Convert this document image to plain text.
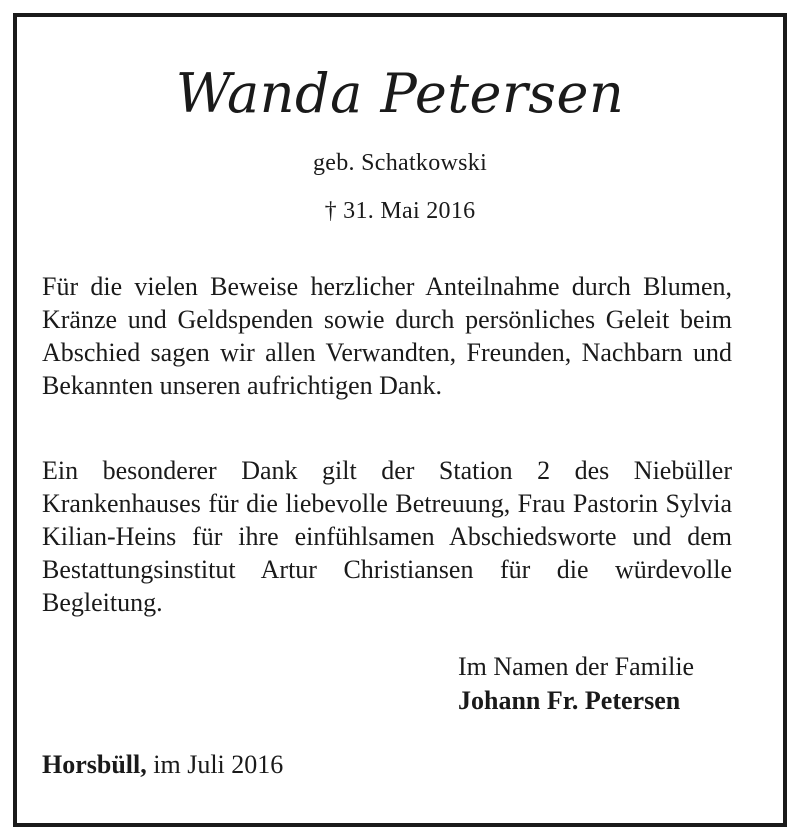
Wanda Petersen
geb. Schatkowski
† 31. Mai 2016

Für die vielen Beweise herzlicher Anteilnahme durch Blumen, Kränze und Geldspenden sowie durch persönliches Geleit beim Abschied sagen wir allen Verwandten, Freunden, Nachbarn und Bekannten unseren aufrichtigen Dank.

Ein besonderer Dank gilt der Station 2 des Niebüller Krankenhauses für die liebevolle Betreuung, Frau Pastorin Sylvia Kilian-Heins für ihre einfühlsamen Abschiedsworte und dem Bestattungsinstitut Artur Christiansen für die würdevolle Begleitung.

Im Namen der Familie
Johann Fr. Petersen
Horsbüll, im Juli 2016
